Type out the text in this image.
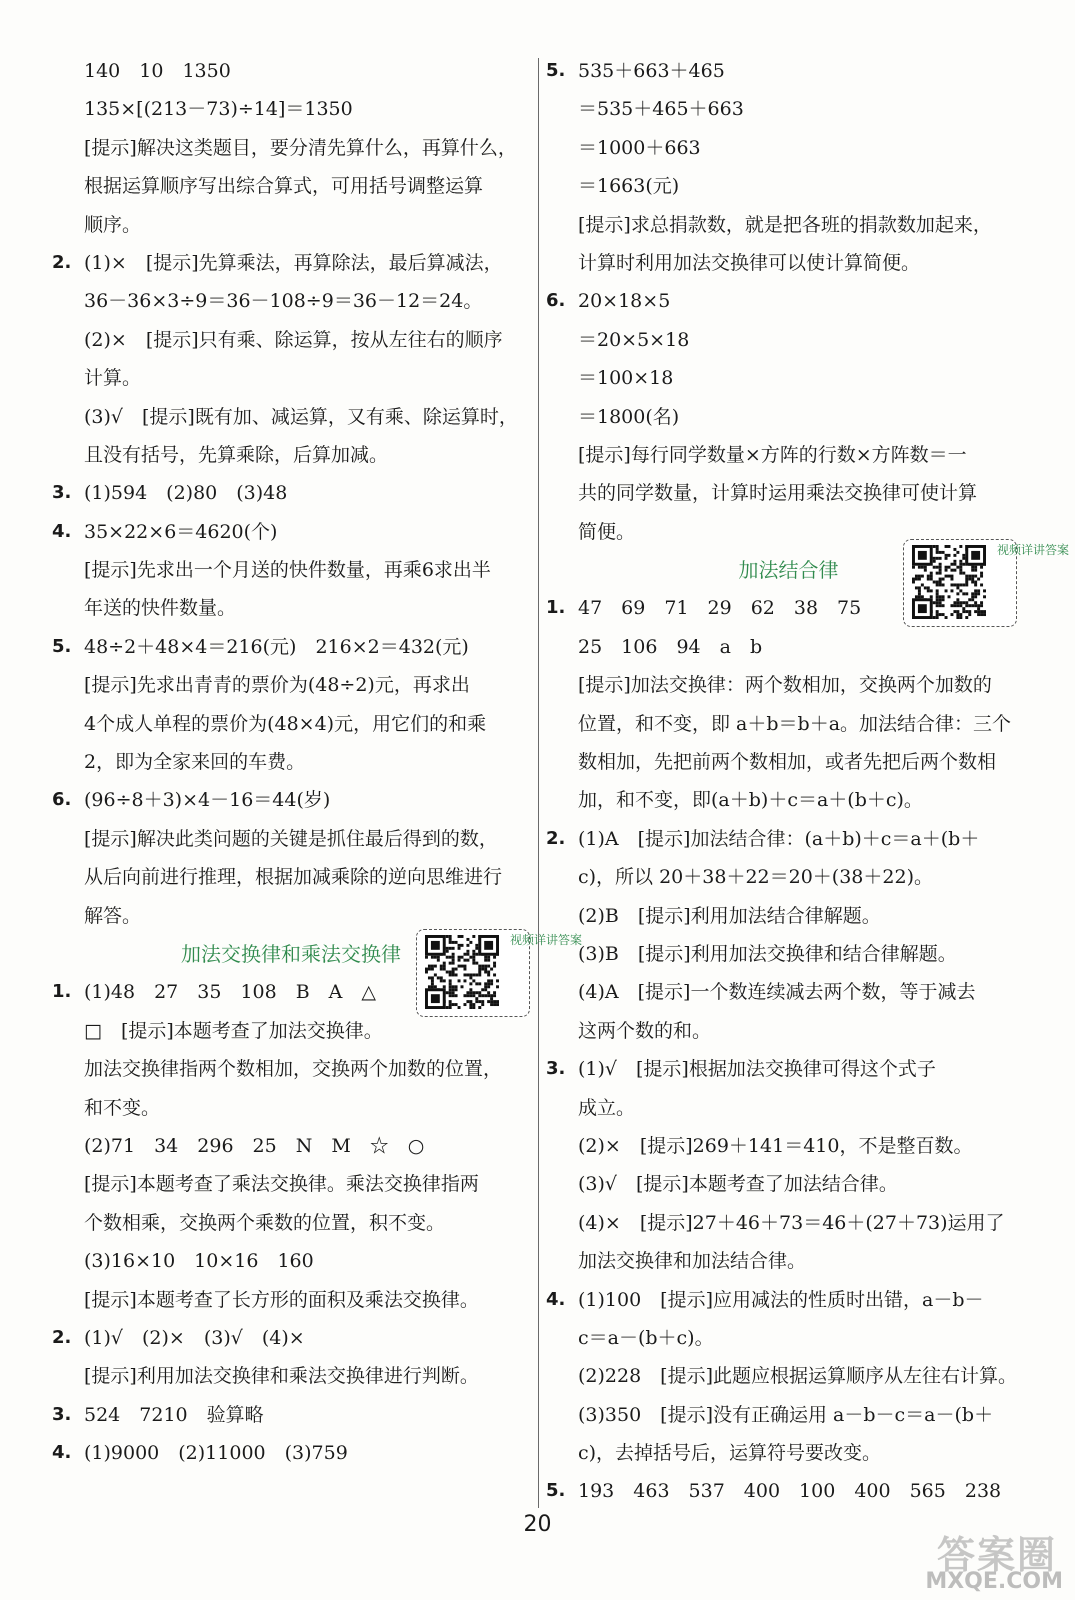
140　10　1350
135×[(213－73)÷14]＝1350
[提示]解决这类题目，要分清先算什么，再算什么，
根据运算顺序写出综合算式，可用括号调整运算
顺序。
2. (1)×　[提示]先算乘法，再算除法，最后算减法，
36－36×3÷9＝36－108÷9＝36－12＝24。
(2)×　[提示]只有乘、除运算，按从左往右的顺序
计算。
(3)√　[提示]既有加、减运算，又有乘、除运算时，
且没有括号，先算乘除，后算加减。
3. (1)594　(2)80　(3)48
4. 35×22×6＝4620(个)
[提示]先求出一个月送的快件数量，再乘6求出半
年送的快件数量。
5. 48÷2＋48×4＝216(元)　216×2＝432(元)
[提示]先求出青青的票价为(48÷2)元，再求出
4个成人单程的票价为(48×4)元，用它们的和乘
2，即为全家来回的车费。
6. (96÷8＋3)×4－16＝44(岁)
[提示]解决此类问题的关键是抓住最后得到的数，
从后向前进行推理，根据加减乘除的逆向思维进行
解答。
加法交换律和乘法交换律
视频详讲答案
1. (1)48　27　35　108　B　A　△
□　[提示]本题考查了加法交换律。
加法交换律指两个数相加，交换两个加数的位置，
和不变。
(2)71　34　296　25　N　M　☆　○
[提示]本题考查了乘法交换律。乘法交换律指两
个数相乘，交换两个乘数的位置，积不变。
(3)16×10　10×16　160
[提示]本题考查了长方形的面积及乘法交换律。
2. (1)√　(2)×　(3)√　(4)×
[提示]利用加法交换律和乘法交换律进行判断。
3. 524　7210　验算略
4. (1)9000　(2)11000　(3)759
5. 535＋663＋465
＝535＋465＋663
＝1000＋663
＝1663(元)
[提示]求总捐款数，就是把各班的捐款数加起来，
计算时利用加法交换律可以使计算简便。
6. 20×18×5
＝20×5×18
＝100×18
＝1800(名)
[提示]每行同学数量×方阵的行数×方阵数＝一
共的同学数量，计算时运用乘法交换律可使计算
简便。
加法结合律
视频详讲答案
1. 47　69　71　29　62　38　75
25　106　94　a　b
[提示]加法交换律：两个数相加，交换两个加数的
位置，和不变，即 a＋b＝b＋a。加法结合律：三个
数相加，先把前两个数相加，或者先把后两个数相
加，和不变，即(a＋b)＋c＝a＋(b＋c)。
2. (1)A　[提示]加法结合律：(a＋b)＋c＝a＋(b＋
c)，所以 20＋38＋22＝20＋(38＋22)。
(2)B　[提示]利用加法结合律解题。
(3)B　[提示]利用加法交换律和结合律解题。
(4)A　[提示]一个数连续减去两个数，等于减去
这两个数的和。
3. (1)√　[提示]根据加法交换律可得这个式子
成立。
(2)×　[提示]269＋141＝410，不是整百数。
(3)√　[提示]本题考查了加法结合律。
(4)×　[提示]27＋46＋73＝46＋(27＋73)运用了
加法交换律和加法结合律。
4. (1)100　[提示]应用减法的性质时出错，a－b－
c＝a－(b＋c)。
(2)228　[提示]此题应根据运算顺序从左往右计算。
(3)350　[提示]没有正确运用 a－b－c＝a－(b＋
c)，去掉括号后，运算符号要改变。
5. 193　463　537　400　100　400　565　238
20
答案圈
MXQE.COM
